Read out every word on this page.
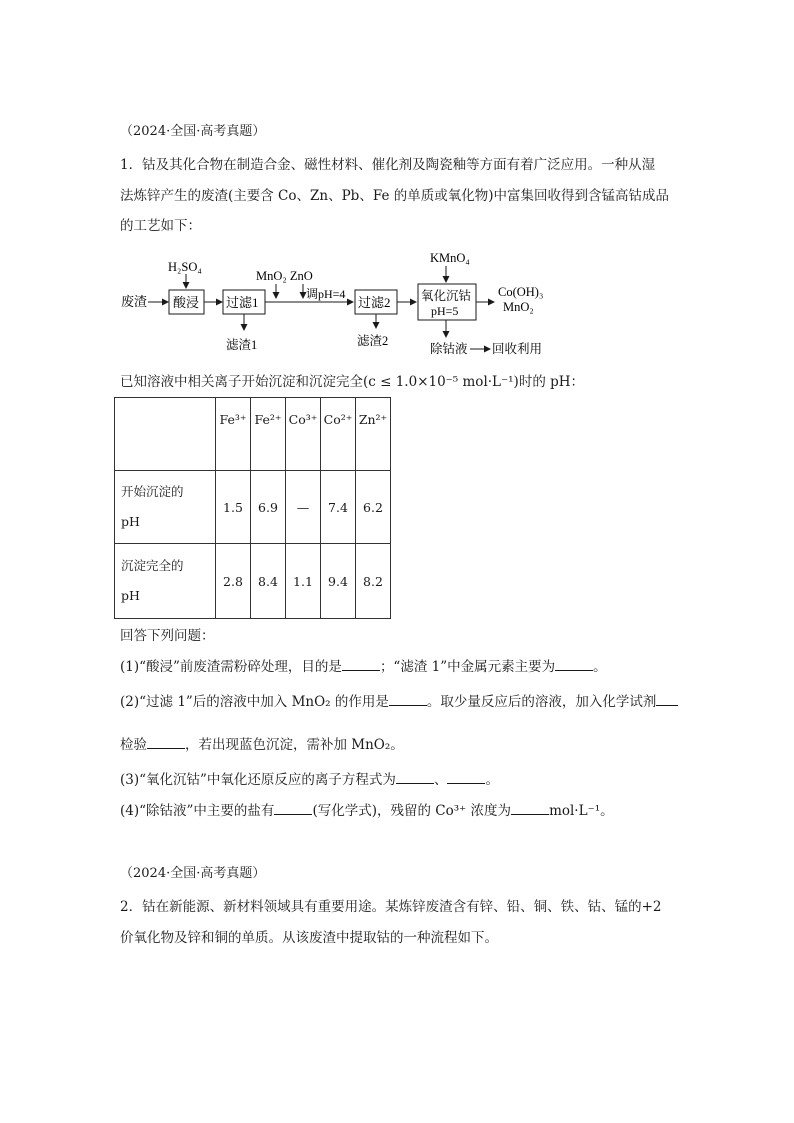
（2024·全国·高考真题）
1．钴及其化合物在制造合金、磁性材料、催化剂及陶瓷釉等方面有着广泛应用。一种从湿
法炼锌产生的废渣(主要含 Co、Zn、Pb、Fe 的单质或氧化物)中富集回收得到含锰高钴成品
的工艺如下：
废渣
H₂SO₄
酸浸 过滤1
滤渣1
MnO₂ ZnO
调pH=4
过滤2
滤渣2
KMnO₄
氧化沉钴
pH=5
Co(OH)₃
MnO₂
除钴液 回收利用
已知溶液中相关离子开始沉淀和沉淀完全(c ≤ 1.0×10⁻⁵ mol·L⁻¹)时的 pH：
	Fe³⁺	Fe²⁺	Co³⁺	Co²⁺	Zn²⁺
开始沉淀的
pH	1.5	6.9	—	7.4	6.2
沉淀完全的
pH	2.8	8.4	1.1	9.4	8.2
回答下列问题：
(1)“酸浸”前废渣需粉碎处理，目的是	；“滤渣 1”中金属元素主要为	。
(2)“过滤 1”后的溶液中加入 MnO₂ 的作用是	。取少量反应后的溶液，加入化学试剂
检验	，若出现蓝色沉淀，需补加 MnO₂。
(3)“氧化沉钴”中氧化还原反应的离子方程式为	、	。
(4)“除钴液”中主要的盐有	(写化学式)，残留的 Co³⁺ 浓度为	mol·L⁻¹。
（2024·全国·高考真题）
2．钴在新能源、新材料领域具有重要用途。某炼锌废渣含有锌、铅、铜、铁、钴、锰的+2
价氧化物及锌和铜的单质。从该废渣中提取钴的一种流程如下。
